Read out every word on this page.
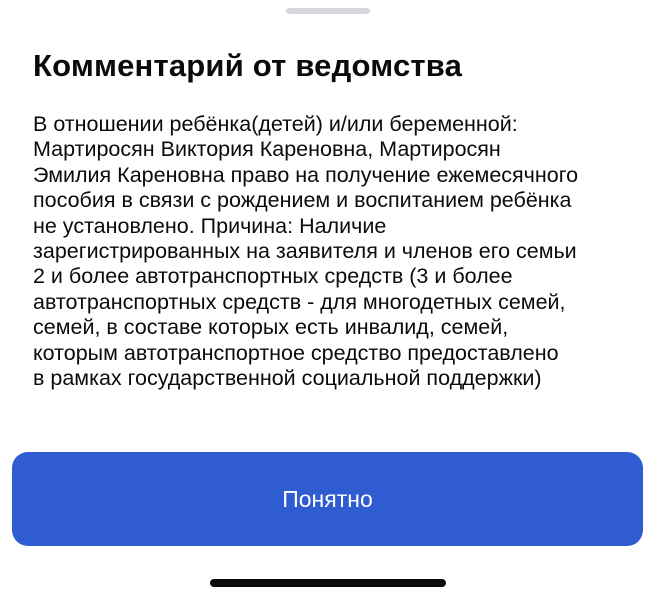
Комментарий от ведомства

В отношении ребёнка(детей) и/или беременной:
Мартиросян Виктория Кареновна, Мартиросян
Эмилия Кареновна право на получение ежемесячного
пособия в связи с рождением и воспитанием ребёнка
не установлено. Причина: Наличие
зарегистрированных на заявителя и членов его семьи
2 и более автотранспортных средств (3 и более
автотранспортных средств - для многодетных семей,
семей, в составе которых есть инвалид, семей,
которым автотранспортное средство предоставлено
в рамках государственной социальной поддержки)

Понятно
